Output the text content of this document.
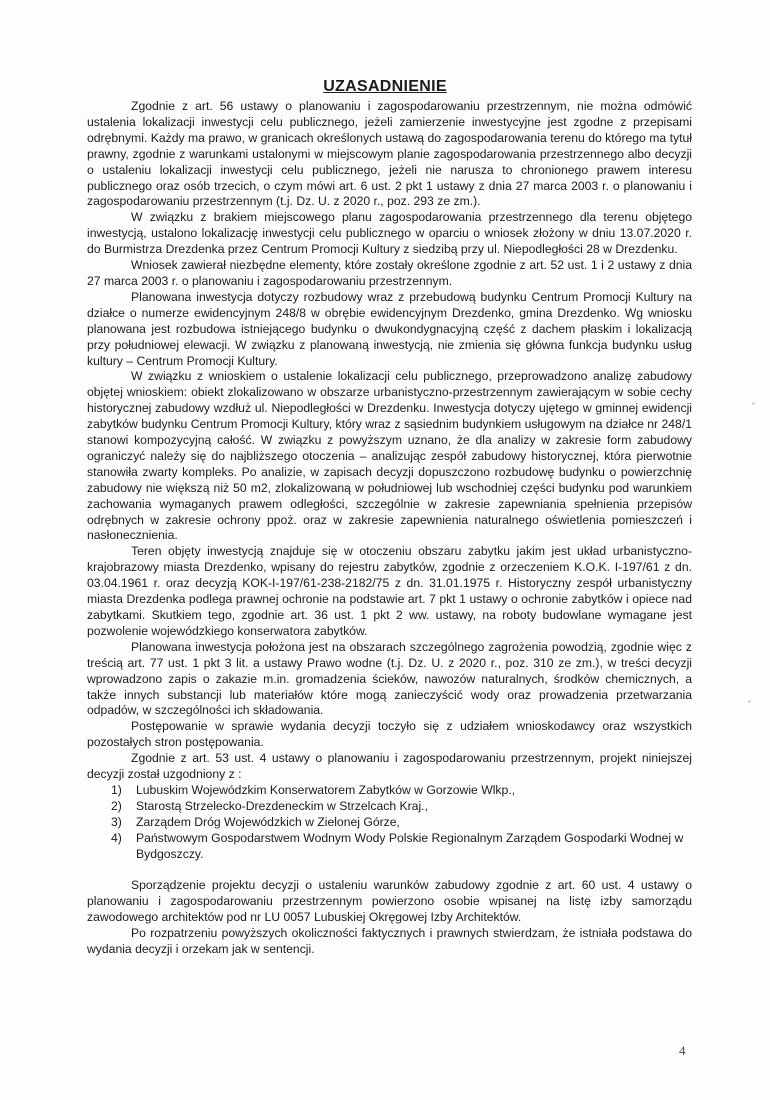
UZASADNIENIE

Zgodnie z art. 56 ustawy o planowaniu i zagospodarowaniu przestrzennym, nie można odmówić ustalenia lokalizacji inwestycji celu publicznego, jeżeli zamierzenie inwestycyjne jest zgodne z przepisami odrębnymi. Każdy ma prawo, w granicach określonych ustawą do zagospodarowania terenu do którego ma tytuł prawny, zgodnie z warunkami ustalonymi w miejscowym planie zagospodarowania przestrzennego albo decyzji o ustaleniu lokalizacji inwestycji celu publicznego, jeżeli nie narusza to chronionego prawem interesu publicznego oraz osób trzecich, o czym mówi art. 6 ust. 2 pkt 1 ustawy z dnia 27 marca 2003 r. o planowaniu i zagospodarowaniu przestrzennym (t.j. Dz. U. z 2020 r., poz. 293 ze zm.).

W związku z brakiem miejscowego planu zagospodarowania przestrzennego dla terenu objętego inwestycją, ustalono lokalizację inwestycji celu publicznego w oparciu o wniosek złożony w dniu 13.07.2020 r. do Burmistrza Drezdenka przez Centrum Promocji Kultury z siedzibą przy ul. Niepodległości 28 w Drezdenku.

Wniosek zawierał niezbędne elementy, które zostały określone zgodnie z art. 52 ust. 1 i 2 ustawy z dnia 27 marca 2003 r. o planowaniu i zagospodarowaniu przestrzennym.

Planowana inwestycja dotyczy rozbudowy wraz z przebudową budynku Centrum Promocji Kultury na działce o numerze ewidencyjnym 248/8 w obrębie ewidencyjnym Drezdenko, gmina Drezdenko. Wg wniosku planowana jest rozbudowa istniejącego budynku o dwukondygnacyjną część z dachem płaskim i lokalizacją przy południowej elewacji. W związku z planowaną inwestycją, nie zmienia się główna funkcja budynku usług kultury – Centrum Promocji Kultury.

W związku z wnioskiem o ustalenie lokalizacji celu publicznego, przeprowadzono analizę zabudowy objętej wnioskiem: obiekt zlokalizowano w obszarze urbanistyczno-przestrzennym zawierającym w sobie cechy historycznej zabudowy wzdłuż ul. Niepodległości w Drezdenku. Inwestycja dotyczy ujętego w gminnej ewidencji zabytków budynku Centrum Promocji Kultury, który wraz z sąsiednim budynkiem usługowym na działce nr 248/1 stanowi kompozycyjną całość. W związku z powyższym uznano, że dla analizy w zakresie form zabudowy ograniczyć należy się do najbliższego otoczenia – analizując zespół zabudowy historycznej, która pierwotnie stanowiła zwarty kompleks. Po analizie, w zapisach decyzji dopuszczono rozbudowę budynku o powierzchnię zabudowy nie większą niż 50 m2, zlokalizowaną w południowej lub wschodniej części budynku pod warunkiem zachowania wymaganych prawem odległości, szczególnie w zakresie zapewniania spełnienia przepisów odrębnych w zakresie ochrony ppoż. oraz w zakresie zapewnienia naturalnego oświetlenia pomieszczeń i nasłonecznienia.

Teren objęty inwestycją znajduje się w otoczeniu obszaru zabytku jakim jest układ urbanistyczno-krajobrazowy miasta Drezdenko, wpisany do rejestru zabytków, zgodnie z orzeczeniem K.O.K. I-197/61 z dn. 03.04.1961 r. oraz decyzją KOK-I-197/61-238-2182/75 z dn. 31.01.1975 r. Historyczny zespół urbanistyczny miasta Drezdenka podlega prawnej ochronie na podstawie art. 7 pkt 1 ustawy o ochronie zabytków i opiece nad zabytkami. Skutkiem tego, zgodnie art. 36 ust. 1 pkt 2 ww. ustawy, na roboty budowlane wymagane jest pozwolenie wojewódzkiego konserwatora zabytków.

Planowana inwestycja położona jest na obszarach szczególnego zagrożenia powodzią, zgodnie więc z treścią art. 77 ust. 1 pkt 3 lit. a ustawy Prawo wodne (t.j. Dz. U. z 2020 r., poz. 310 ze zm.), w treści decyzji wprowadzono zapis o zakazie m.in. gromadzenia ścieków, nawozów naturalnych, środków chemicznych, a także innych substancji lub materiałów które mogą zanieczyścić wody oraz prowadzenia przetwarzania odpadów, w szczególności ich składowania.

Postępowanie w sprawie wydania decyzji toczyło się z udziałem wnioskodawcy oraz wszystkich pozostałych stron postępowania.

Zgodnie z art. 53 ust. 4 ustawy o planowaniu i zagospodarowaniu przestrzennym, projekt niniejszej decyzji został uzgodniony z :

1) Lubuskim Wojewódzkim Konserwatorem Zabytków w Gorzowie Wlkp.,
2) Starostą Strzelecko-Drezdeneckim w Strzelcach Kraj.,
3) Zarządem Dróg Wojewódzkich w Zielonej Górze,
4) Państwowym Gospodarstwem Wodnym Wody Polskie Regionalnym Zarządem Gospodarki Wodnej w Bydgoszczy.

Sporządzenie projektu decyzji o ustaleniu warunków zabudowy zgodnie z art. 60 ust. 4 ustawy o planowaniu i zagospodarowaniu przestrzennym powierzono osobie wpisanej na listę izby samorządu zawodowego architektów pod nr LU 0057 Lubuskiej Okręgowej Izby Architektów.

Po rozpatrzeniu powyższych okoliczności faktycznych i prawnych stwierdzam, że istniała podstawa do wydania decyzji i orzekam jak w sentencji.

4
